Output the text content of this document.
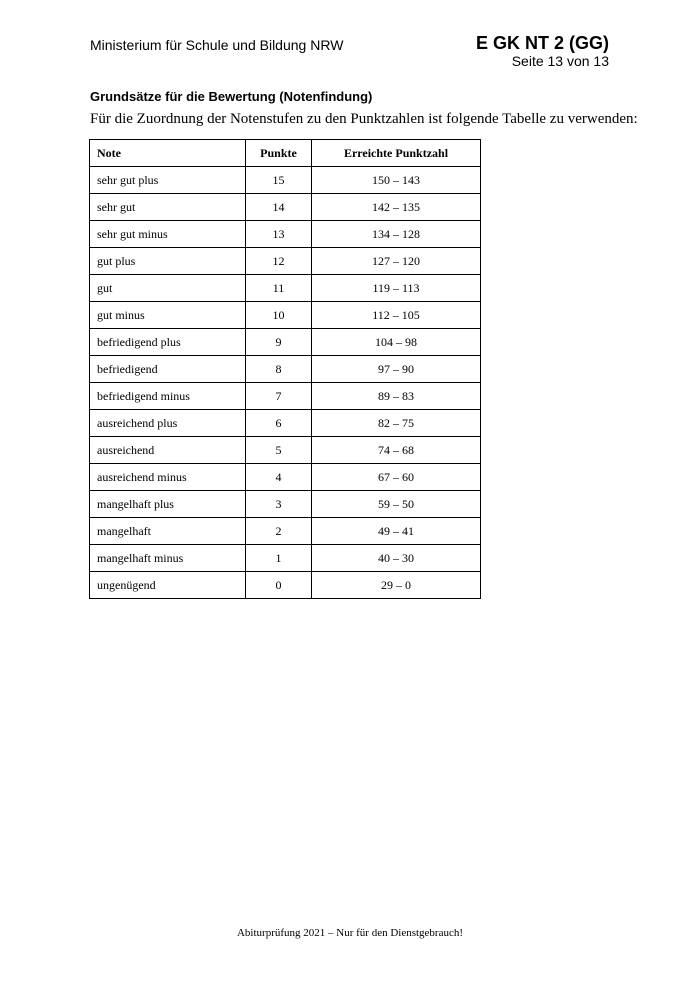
Ministerium für Schule und Bildung NRW	E GK NT 2 (GG)
Seite 13 von 13
Grundsätze für die Bewertung (Notenfindung)
Für die Zuordnung der Notenstufen zu den Punktzahlen ist folgende Tabelle zu verwenden:
Note	Punkte	Erreichte Punktzahl
sehr gut plus	15	150 – 143
sehr gut	14	142 – 135
sehr gut minus	13	134 – 128
gut plus	12	127 – 120
gut	11	119 – 113
gut minus	10	112 – 105
befriedigend plus	9	104 – 98
befriedigend	8	97 – 90
befriedigend minus	7	89 – 83
ausreichend plus	6	82 – 75
ausreichend	5	74 – 68
ausreichend minus	4	67 – 60
mangelhaft plus	3	59 – 50
mangelhaft	2	49 – 41
mangelhaft minus	1	40 – 30
ungenügend	0	29 – 0
Abiturprüfung 2021 – Nur für den Dienstgebrauch!
